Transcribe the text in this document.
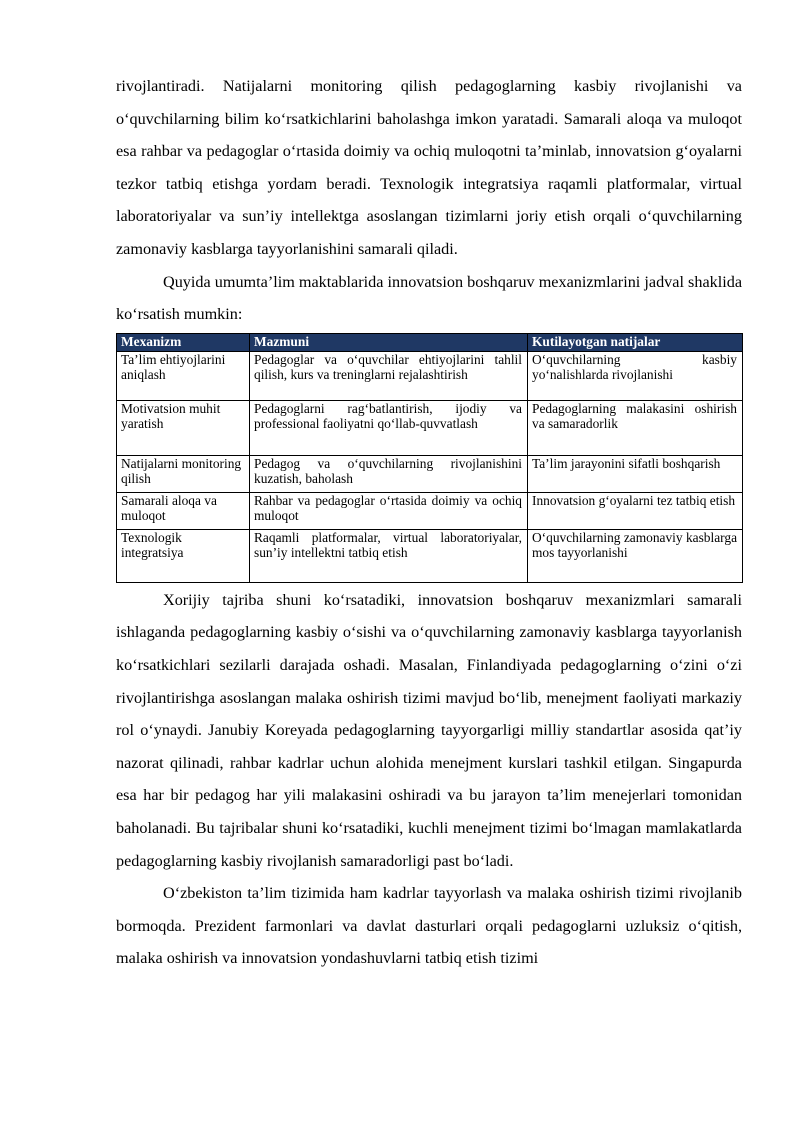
rivojlantiradi. Natijalarni monitoring qilish pedagoglarning kasbiy rivojlanishi va o‘quvchilarning bilim ko‘rsatkichlarini baholashga imkon yaratadi. Samarali aloqa va muloqot esa rahbar va pedagoglar o‘rtasida doimiy va ochiq muloqotni ta’minlab, innovatsion g‘oyalarni tezkor tatbiq etishga yordam beradi. Texnologik integratsiya raqamli platformalar, virtual laboratoriyalar va sun’iy intellektga asoslangan tizimlarni joriy etish orqali o‘quvchilarning zamonaviy kasblarga tayyorlanishini samarali qiladi.

Quyida umumta’lim maktablarida innovatsion boshqaruv mexanizmlarini jadval shaklida ko‘rsatish mumkin:

Mexanizm	Mazmuni	Kutilayotgan natijalar
Ta’lim ehtiyojlarini aniqlash	Pedagoglar va o‘quvchilar ehtiyojlarini tahlil qilish, kurs va treninglarni rejalashtirish	O‘quvchilarning kasbiy yo‘nalishlarda rivojlanishi
Motivatsion muhit yaratish	Pedagoglarni rag‘batlantirish, ijodiy va professional faoliyatni qo‘llab-quvvatlash	Pedagoglarning malakasini oshirish va samaradorlik
Natijalarni monitoring qilish	Pedagog va o‘quvchilarning rivojlanishini kuzatish, baholash	Ta’lim jarayonini sifatli boshqarish
Samarali aloqa va muloqot	Rahbar va pedagoglar o‘rtasida doimiy va ochiq muloqot	Innovatsion g‘oyalarni tez tatbiq etish
Texnologik integratsiya	Raqamli platformalar, virtual laboratoriyalar, sun’iy intellektni tatbiq etish	O‘quvchilarning zamonaviy kasblarga mos tayyorlanishi

Xorijiy tajriba shuni ko‘rsatadiki, innovatsion boshqaruv mexanizmlari samarali ishlaganda pedagoglarning kasbiy o‘sishi va o‘quvchilarning zamonaviy kasblarga tayyorlanish ko‘rsatkichlari sezilarli darajada oshadi. Masalan, Finlandiyada pedagoglarning o‘zini o‘zi rivojlantirishga asoslangan malaka oshirish tizimi mavjud bo‘lib, menejment faoliyati markaziy rol o‘ynaydi. Janubiy Koreyada pedagoglarning tayyorgarligi milliy standartlar asosida qat’iy nazorat qilinadi, rahbar kadrlar uchun alohida menejment kurslari tashkil etilgan. Singapurda esa har bir pedagog har yili malakasini oshiradi va bu jarayon ta’lim menejerlari tomonidan baholanadi. Bu tajribalar shuni ko‘rsatadiki, kuchli menejment tizimi bo‘lmagan mamlakatlarda pedagoglarning kasbiy rivojlanish samaradorligi past bo‘ladi.

O‘zbekiston ta’lim tizimida ham kadrlar tayyorlash va malaka oshirish tizimi rivojlanib bormoqda. Prezident farmonlari va davlat dasturlari orqali pedagoglarni uzluksiz o‘qitish, malaka oshirish va innovatsion yondashuvlarni tatbiq etish tizimi
